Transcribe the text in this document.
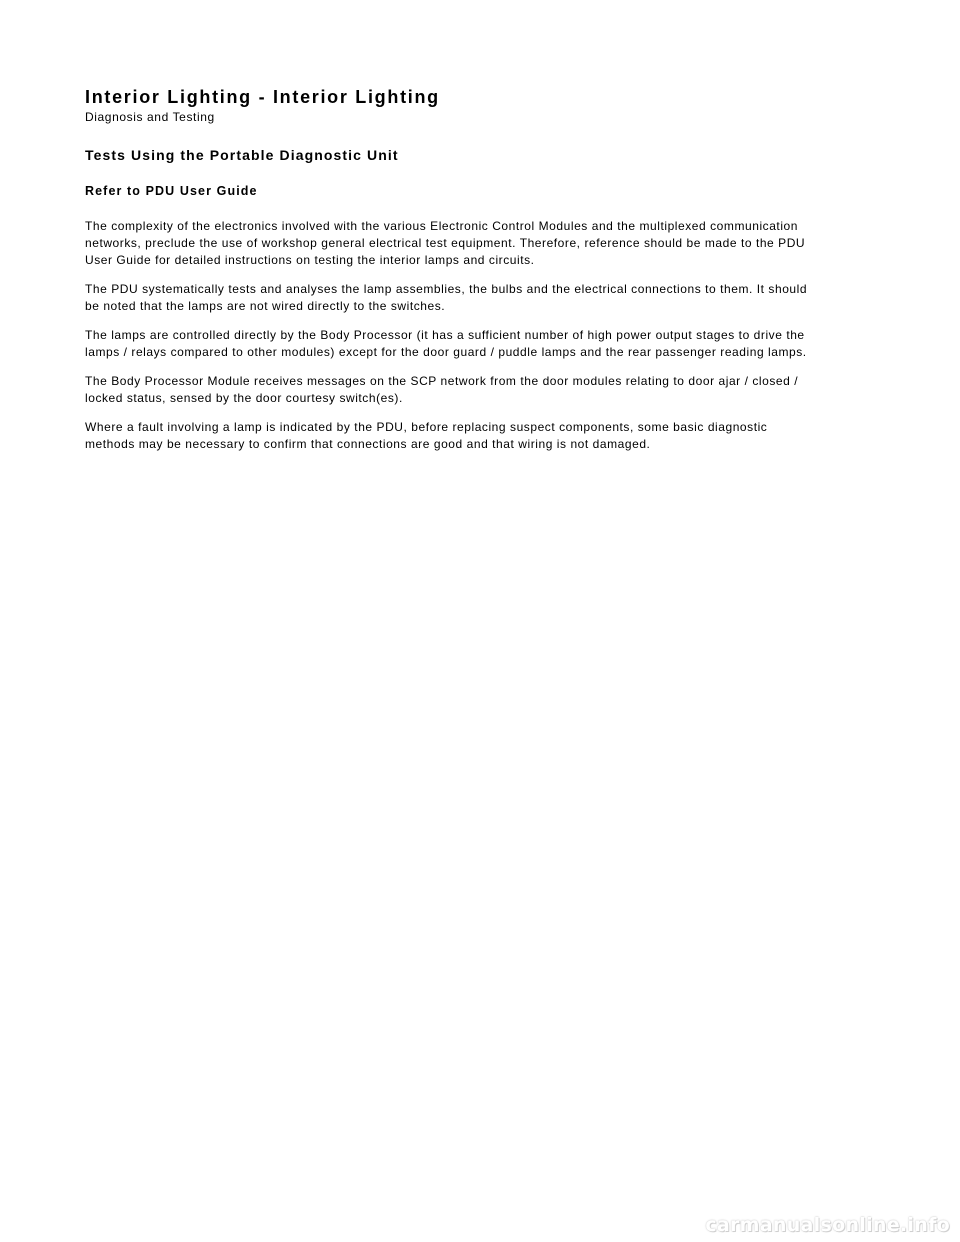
Interior Lighting - Interior Lighting

Diagnosis and Testing

Tests Using the Portable Diagnostic Unit
Refer to PDU User Guide

The complexity of the electronics involved with the various Electronic Control Modules and the multiplexed communication
networks, preclude the use of workshop general electrical test equipment. Therefore, reference should be made to the PDU
User Guide for detailed instructions on testing the interior lamps and circuits.

The PDU systematically tests and analyses the lamp assemblies, the bulbs and the electrical connections to them. It should
be noted that the lamps are not wired directly to the switches.

The lamps are controlled directly by the Body Processor (it has a sufficient number of high power output stages to drive the
lamps / relays compared to other modules) except for the door guard / puddle lamps and the rear passenger reading lamps.

The Body Processor Module receives messages on the SCP network from the door modules relating to door ajar / closed /
locked status, sensed by the door courtesy switch(es).

Where a fault involving a lamp is indicated by the PDU, before replacing suspect components, some basic diagnostic
methods may be necessary to confirm that connections are good and that wiring is not damaged.

carmanualsonline.info
